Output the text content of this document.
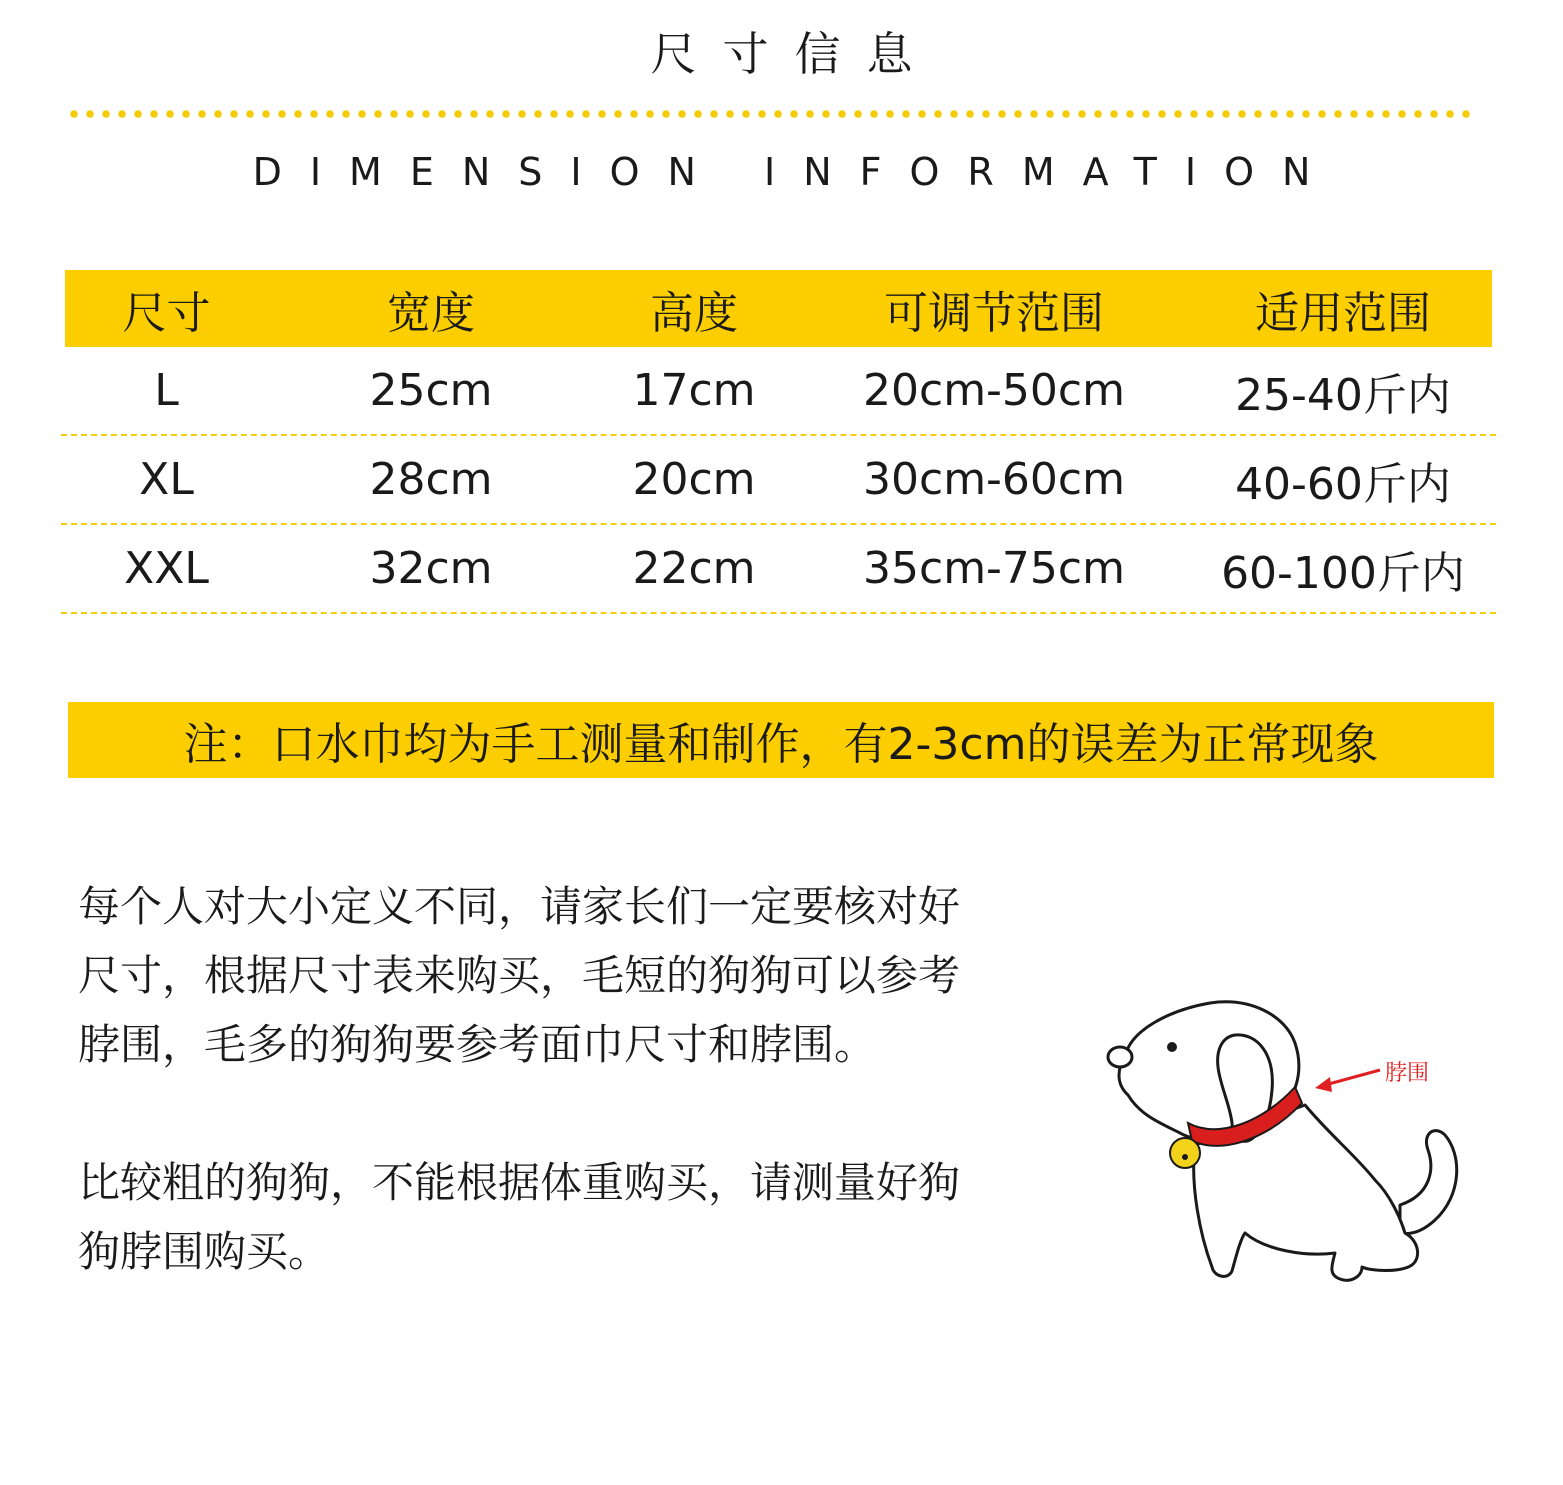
尺寸信息
DIMENSION INFORMATION
尺寸	宽度	高度	可调节范围	适用范围
L	25cm	17cm	20cm-50cm	25-40斤内
XL	28cm	20cm	30cm-60cm	40-60斤内
XXL	32cm	22cm	35cm-75cm	60-100斤内
注：口水巾均为手工测量和制作，有2-3cm的误差为正常现象
每个人对大小定义不同，请家长们一定要核对好
尺寸，根据尺寸表来购买，毛短的狗狗可以参考
脖围，毛多的狗狗要参考面巾尺寸和脖围。
比较粗的狗狗，不能根据体重购买，请测量好狗
狗脖围购买。
脖围
